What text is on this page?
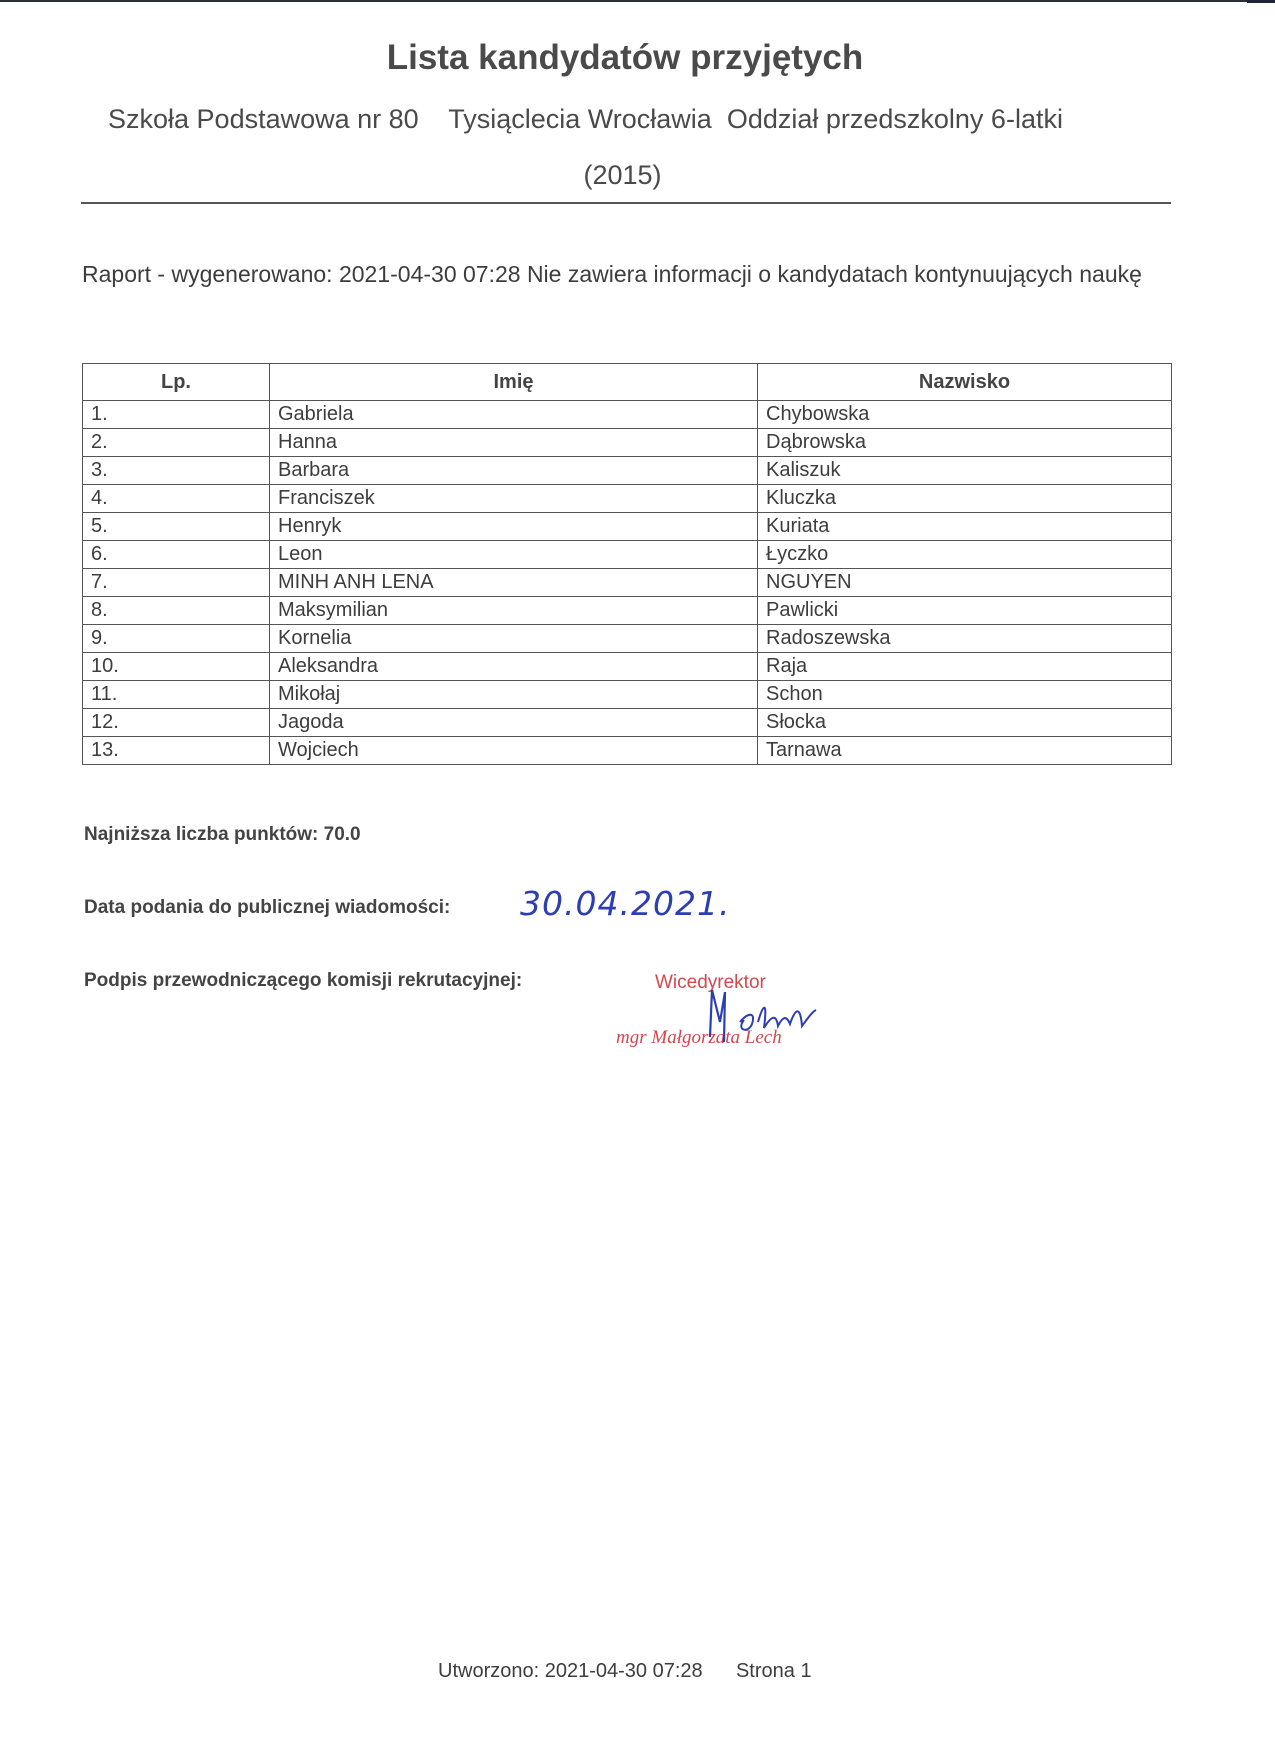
Lista kandydatów przyjętych
Szkoła Podstawowa nr 80 Tysiąclecia Wrocławia Oddział przedszkolny 6-latki
(2015)
Raport - wygenerowano: 2021-04-30 07:28 Nie zawiera informacji o kandydatach kontynuujących naukę
Lp.	Imię	Nazwisko
1.	Gabriela	Chybowska
2.	Hanna	Dąbrowska
3.	Barbara	Kaliszuk
4.	Franciszek	Kluczka
5.	Henryk	Kuriata
6.	Leon	Łyczko
7.	MINH ANH LENA	NGUYEN
8.	Maksymilian	Pawlicki
9.	Kornelia	Radoszewska
10.	Aleksandra	Raja
11.	Mikołaj	Schon
12.	Jagoda	Słocka
13.	Wojciech	Tarnawa
Najniższa liczba punktów: 70.0
Data podania do publicznej wiadomości: 30.04.2021.
Podpis przewodniczącego komisji rekrutacyjnej:	Wicedyrektor
mgr Małgorzata Lech
Utworzono: 2021-04-30 07:28 Strona 1
